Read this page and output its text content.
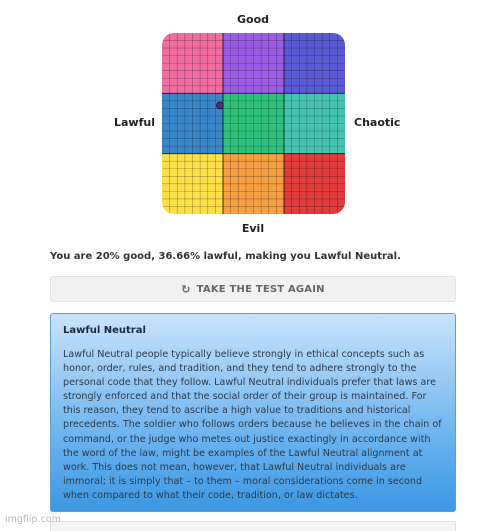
Good
Lawful	Chaotic
Evil
You are 20% good, 36.66% lawful, making you Lawful Neutral.
↻ TAKE THE TEST AGAIN
Lawful Neutral

Lawful Neutral people typically believe strongly in ethical concepts such as honor, order, rules, and tradition, and they tend to adhere strongly to the personal code that they follow. Lawful Neutral individuals prefer that laws are strongly enforced and that the social order of their group is maintained. For this reason, they tend to ascribe a high value to traditions and historical precedents. The soldier who follows orders because he believes in the chain of command, or the judge who metes out justice exactingly in accordance with the word of the law, might be examples of the Lawful Neutral alignment at work. This does not mean, however, that Lawful Neutral individuals are immoral; it is simply that – to them – moral considerations come in second when compared to what their code, tradition, or law dictates.

imgflip.com
